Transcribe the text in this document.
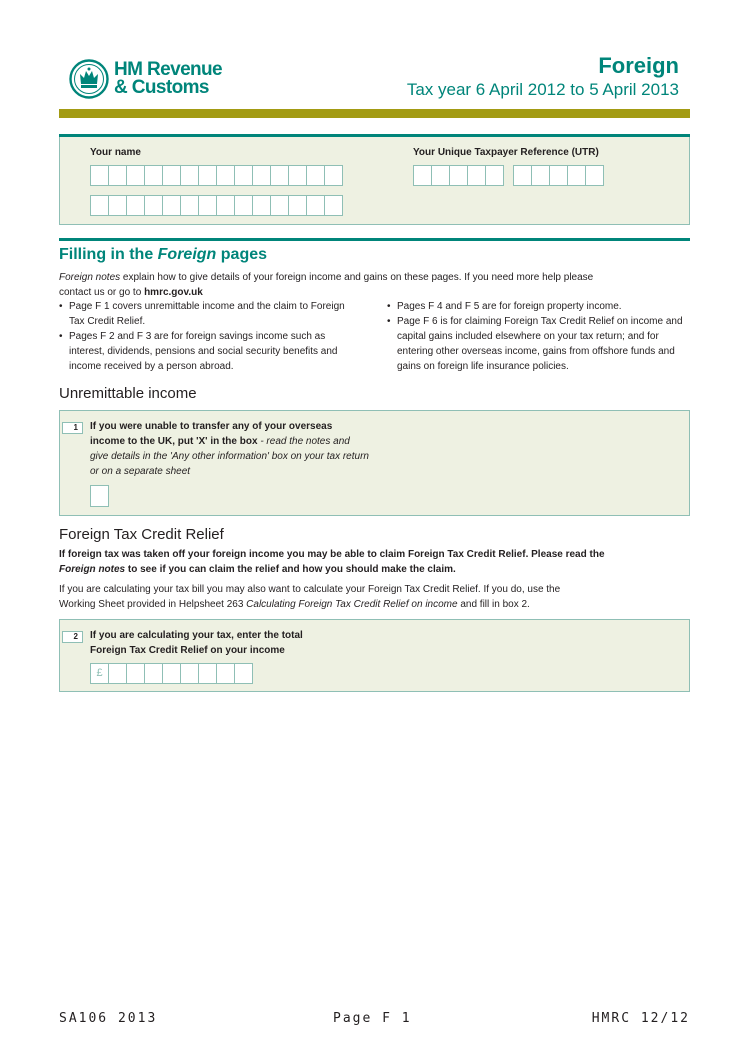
HM Revenue
& Customs
Foreign
Tax year 6 April 2012 to 5 April 2013
Your name	Your Unique Taxpayer Reference (UTR)
Filling in the Foreign pages
Foreign notes explain how to give details of your foreign income and gains on these pages. If you need more help please
contact us or go to hmrc.gov.uk
• Page F 1 covers unremittable income and the claim to Foreign Tax Credit Relief.
• Pages F 2 and F 3 are for foreign savings income such as interest, dividends, pensions and social security benefits and income received by a person abroad.
• Pages F 4 and F 5 are for foreign property income.
• Page F 6 is for claiming Foreign Tax Credit Relief on income and capital gains included elsewhere on your tax return; and for entering other overseas income, gains from offshore funds and gains on foreign life insurance policies.
Unremittable income
1	If you were unable to transfer any of your overseas income to the UK, put 'X' in the box - read the notes and give details in the 'Any other information' box on your tax return or on a separate sheet
Foreign Tax Credit Relief
If foreign tax was taken off your foreign income you may be able to claim Foreign Tax Credit Relief. Please read the
Foreign notes to see if you can claim the relief and how you should make the claim.
If you are calculating your tax bill you may also want to calculate your Foreign Tax Credit Relief. If you do, use the
Working Sheet provided in Helpsheet 263 Calculating Foreign Tax Credit Relief on income and fill in box 2.
2	If you are calculating your tax, enter the total
Foreign Tax Credit Relief on your income
£
SA106 2013	Page F 1	HMRC 12/12
